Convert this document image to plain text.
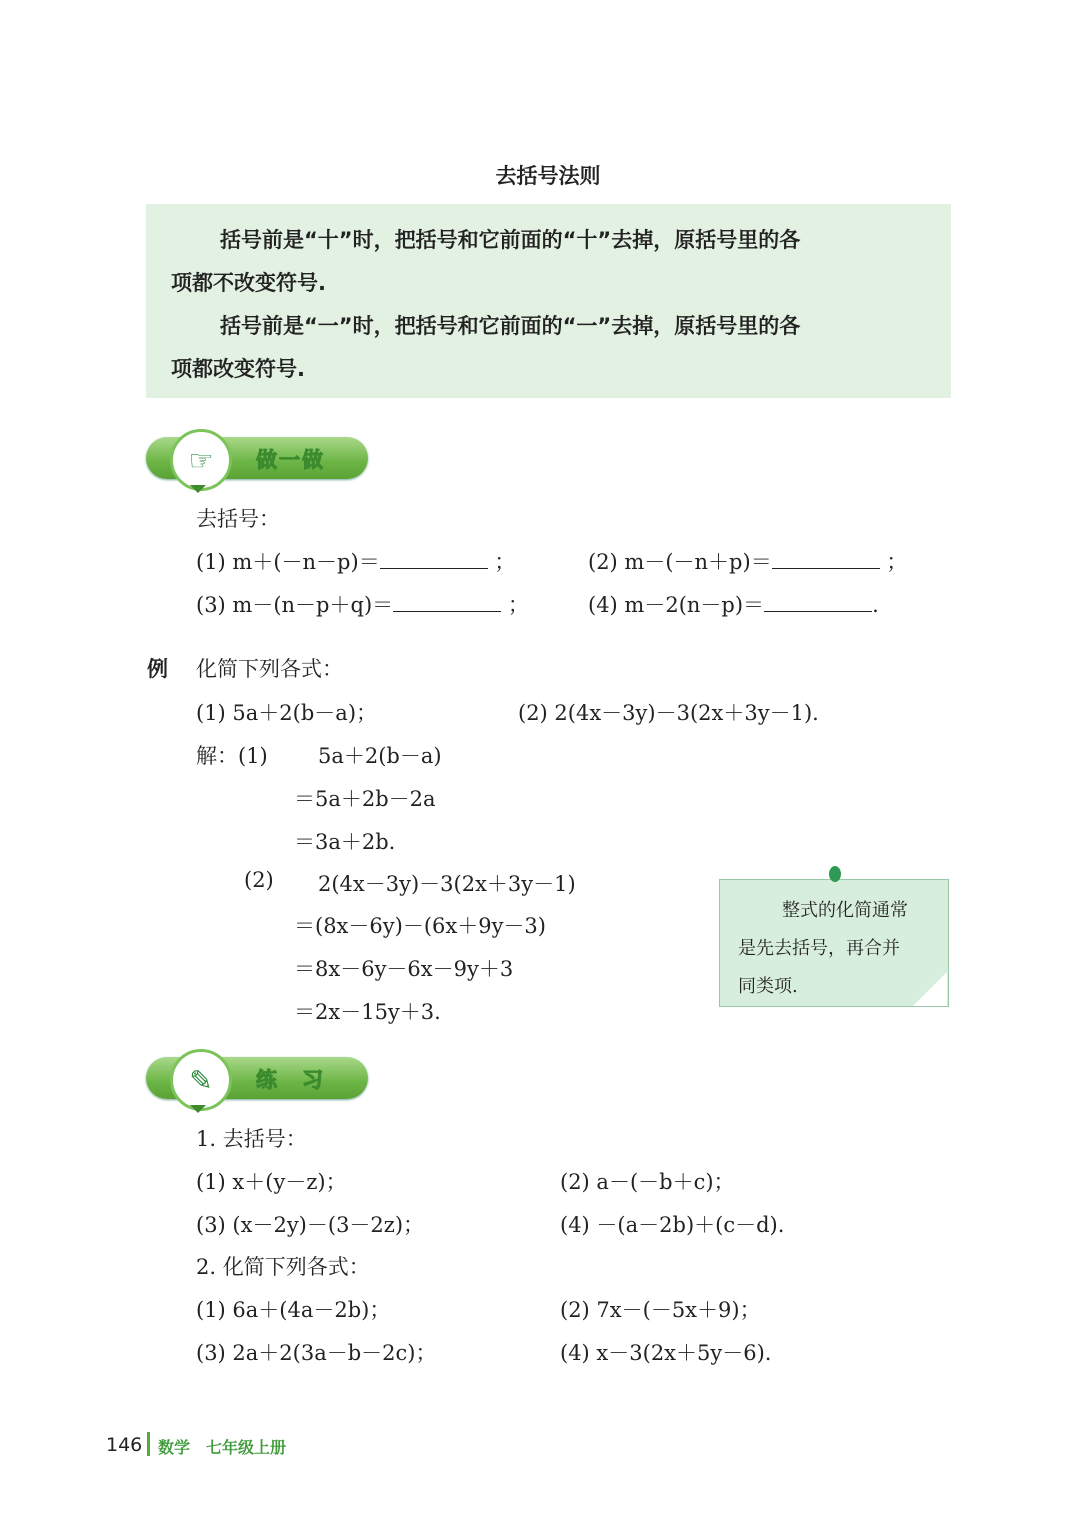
去括号法则
括号前是“十”时，把括号和它前面的“十”去掉，原括号里的各
项都不改变符号.
括号前是“一”时，把括号和它前面的“一”去掉，原括号里的各
项都改变符号.
☞	做一做
去括号：
(1) m＋(－n－p)＝	；	(2) m－(－n＋p)＝	；
(3) m－(n－p＋q)＝	；	(4) m－2(n－p)＝	.
例 化简下列各式：
(1) 5a＋2(b－a)；	(2) 2(4x－3y)－3(2x＋3y－1).
解：(1) 5a＋2(b－a)
＝5a＋2b－2a
＝3a＋2b.
(2) 2(4x－3y)－3(2x＋3y－1)
＝(8x－6y)－(6x＋9y－3)
＝8x－6y－6x－9y＋3
＝2x－15y＋3.
整式的化简通常
是先去括号，再合并
同类项.
✎	练　习
1. 去括号：
(1) x＋(y－z)；	(2) a－(－b＋c)；
(3) (x－2y)－(3－2z)；	(4) －(a－2b)＋(c－d).
2. 化简下列各式：
(1) 6a＋(4a－2b)；	(2) 7x－(－5x＋9)；
(3) 2a＋2(3a－b－2c)；	(4) x－3(2x＋5y－6).
146 数学　七年级上册
